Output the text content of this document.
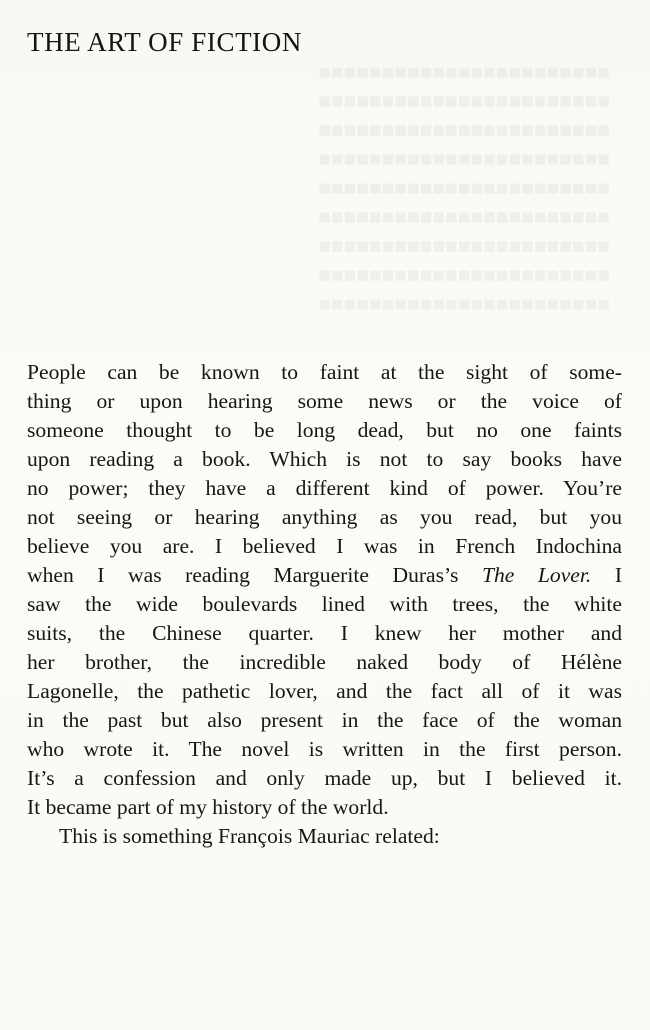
■■■■■■■■■■■■■■■■■■■■■■■
■■■■■■■■■■■■■■■■■■■■■■■
■■■■■■■■■■■■■■■■■■■■■■■
■■■■■■■■■■■■■■■■■■■■■■■
■■■■■■■■■■■■■■■■■■■■■■■
■■■■■■■■■■■■■■■■■■■■■■■
■■■■■■■■■■■■■■■■■■■■■■■
■■■■■■■■■■■■■■■■■■■■■■■
■■■■■■■■■■■■■■■■■■■■■■■
THE ART OF FICTION
People can be known to faint at the sight of some-
thing or upon hearing some news or the voice of
someone thought to be long dead, but no one faints
upon reading a book. Which is not to say books have
no power; they have a different kind of power. You’re
not seeing or hearing anything as you read, but you
believe you are. I believed I was in French Indochina
when I was reading Marguerite Duras’s The Lover. I
saw the wide boulevards lined with trees, the white
suits, the Chinese quarter. I knew her mother and
her brother, the incredible naked body of Hélène
Lagonelle, the pathetic lover, and the fact all of it was
in the past but also present in the face of the woman
who wrote it. The novel is written in the first person.
It’s a confession and only made up, but I believed it.
It became part of my history of the world.
This is something François Mauriac related:
